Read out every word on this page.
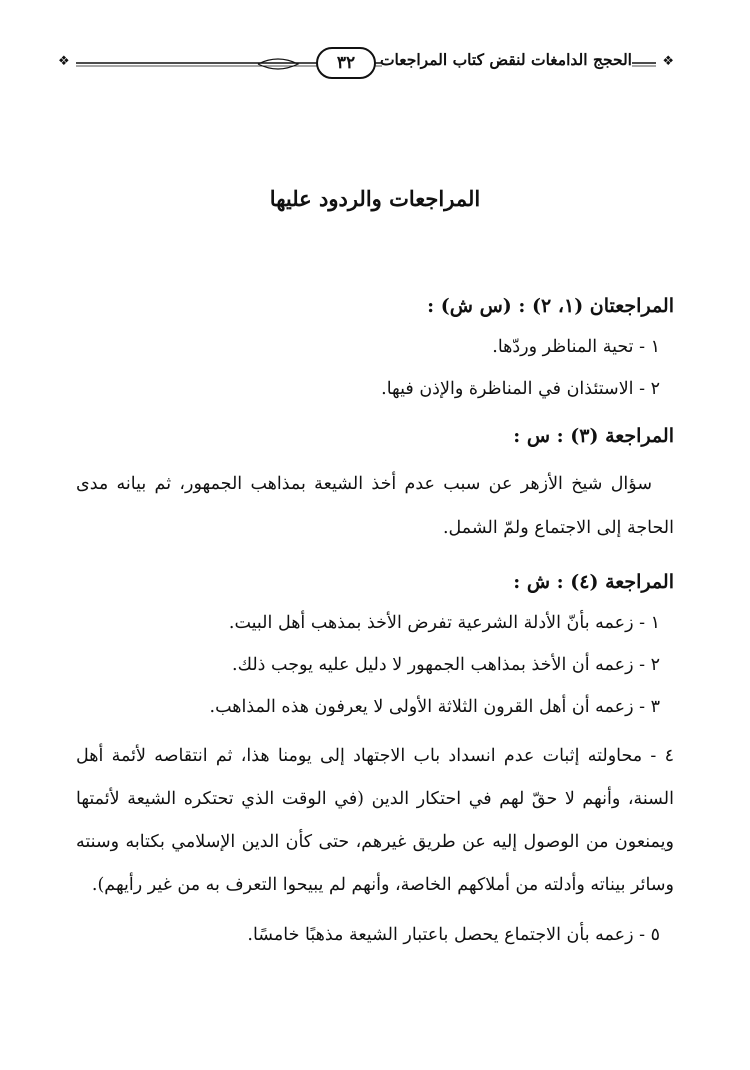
❖	٣٢	الحجج الدامغات لنقض كتاب المراجعات ❖
المراجعات والردود عليها

المراجعتان (١، ٢) : (س ش) :

١ - تحية المناظر وردّها.

٢ - الاستئذان في المناظرة والإذن فيها.

المراجعة (٣) : س :

سؤال شيخ الأزهر عن سبب عدم أخذ الشيعة بمذاهب الجمهور، ثم بيانه مدى الحاجة إلى الاجتماع ولمّ الشمل.

المراجعة (٤) : ش :

١ - زعمه بأنّ الأدلة الشرعية تفرض الأخذ بمذهب أهل البيت.

٢ - زعمه أن الأخذ بمذاهب الجمهور لا دليل عليه يوجب ذلك.

٣ - زعمه أن أهل القرون الثلاثة الأولى لا يعرفون هذه المذاهب.

٤ - محاولته إثبات عدم انسداد باب الاجتهاد إلى يومنا هذا، ثم انتقاصه لأئمة أهل السنة، وأنهم لا حقّ لهم في احتكار الدين (في الوقت الذي تحتكره الشيعة لأئمتها ويمنعون من الوصول إليه عن طريق غيرهم، حتى كأن الدين الإسلامي بكتابه وسنته وسائر بيناته وأدلته من أملاكهم الخاصة، وأنهم لم يبيحوا التعرف به من غير رأيهم).

٥ - زعمه بأن الاجتماع يحصل باعتبار الشيعة مذهبًا خامسًا.
